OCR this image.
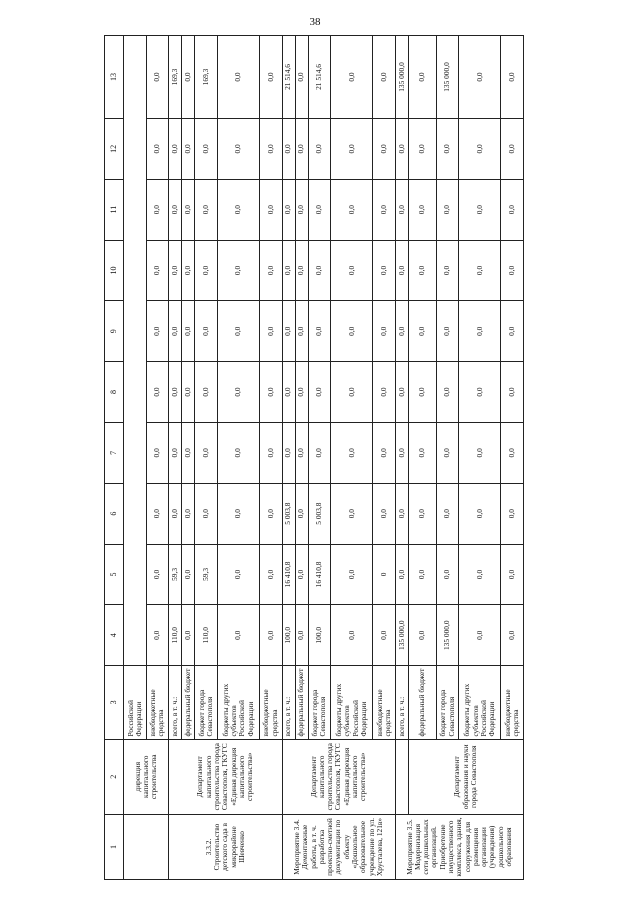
38
1	2	3	4	5	6	7	8	9	10	11	12	13
	дирекция капитального строительства	Российской Федерации										
		внебюджетные средства	0,0	0,0	0,0	0,0	0,0	0,0	0,0	0,0	0,0	0,0
3.3.2. Строительство детского сада в микрорайоне Шевченко	Департамент капитального строительства города Севастополя, ГКУГС «Единая дирекция капитального строительства»	всего, в т. ч.:	110,0	59,3	0,0	0,0	0,0	0,0	0,0	0,0	0,0	169,3
		федеральный бюджет	0,0	0,0	0,0	0,0	0,0	0,0	0,0	0,0	0,0	0,0
		бюджет города Севастополя	110,0	59,3	0,0	0,0	0,0	0,0	0,0	0,0	0,0	169,3
		бюджеты других субъектов Российской Федерации	0,0	0,0	0,0	0,0	0,0	0,0	0,0	0,0	0,0	0,0
		внебюджетные средства	0,0	0,0	0,0	0,0	0,0	0,0	0,0	0,0	0,0	0,0
Мероприятие 3.4. Демонтажные работы, в т. ч. разработка проектно-сметной документации по объекту «Дошкольное образовательное учреждение по ул. Хрусталева, 121в»	Департамент капитального строительства города Севастополя, ГКУГС «Единая дирекция капитального строительства»	всего, в т. ч.:	100,0	16 410,8	5 003,8	0,0	0,0	0,0	0,0	0,0	0,0	21 514,6
		федеральный бюджет	0,0	0,0	0,0	0,0	0,0	0,0	0,0	0,0	0,0	0,0
		бюджет города Севастополя	100,0	16 410,8	5 003,8	0,0	0,0	0,0	0,0	0,0	0,0	21 514,6
		бюджеты других субъектов Российской Федерации	0,0	0,0	0,0	0,0	0,0	0,0	0,0	0,0	0,0	0,0
		внебюджетные средства	0,0	0	0,0	0,0	0,0	0,0	0,0	0,0	0,0	0,0
Мероприятие 3.5. Модернизация сети дошкольных организаций. Приобретение имущественного комплекса, здания, сооружения для размещения организации (учреждения) дошкольного образования		всего, в т. ч.:	135 000,0	0,0	0,0	0,0	0,0	0,0	0,0	0,0	0,0	135 000,0
	Департамент образования и науки города Севастополя	федеральный бюджет	0,0	0,0	0,0	0,0	0,0	0,0	0,0	0,0	0,0	0,0
		бюджет города Севастополя	135 000,0	0,0	0,0	0,0	0,0	0,0	0,0	0,0	0,0	135 000,0
		бюджеты других субъектов Российской Федерации	0,0	0,0	0,0	0,0	0,0	0,0	0,0	0,0	0,0	0,0
		внебюджетные средства	0,0	0,0	0,0	0,0	0,0	0,0	0,0	0,0	0,0	0,0
